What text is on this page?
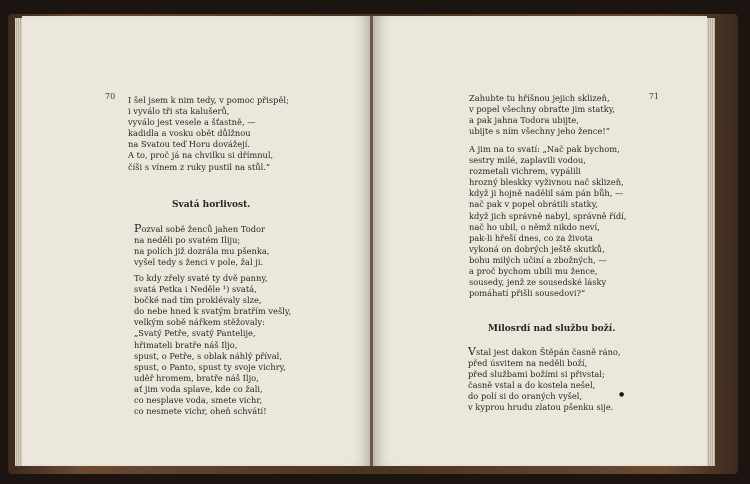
70 I šel jsem k nim tedy, v pomoc přispěl;
i vyválo tři sta kalušerů,
vyválo jest vesele a šťastně, —
kadidla a vosku obět důlžnou
na Svatou teď Horu dovážejí.
A to, proč já na chvilku si dřímnul,
číši s vínem z ruky pustil na stůl.“
Svatá horlivost.
Pozval sobě ženců jahen Todor
na neděli po svatém Iliju;
na polích již dozrála mu pšenka,
vyšel tedy s ženci v pole, žal ji.
To kdy zřely svaté ty dvě panny,
svatá Petka i Neděle ¹) svatá,
bočké nad tím proklévaly slze,
do nebe hned k svatým bratřím vešly,
velkým sobě nářkem stěžovaly:
„Svatý Petře, svatý Pantelije,
hřimateli bratře náš Iljo,
spust, o Petře, s oblak náhlý příval,
spust, o Panto, spust ty svoje vichry,
uděř hromem, bratře náš Iljo,
ať jim voda splave, kde co žali,
co nesplave voda, smete vichr,
co nesmete vichr, oheň schvátí!
71
Zahubte tu hříšnou jejich sklizeň,
v popel všechny obraťte jim statky,
a pak jahna Todora ubijte,
ubijte s ním všechny jeho žence!“
A jim na to svatí: „Nač pak bychom,
sestry milé, zaplavili vodou,
rozmetali vichrem, vypálili
hrozný bleskky vyživnou nač sklizeň,
když ji hojně nadělil sám pán bůh, —
nač pak v popel obrátili statky,
když jich správně nabyl, správně řídí,
nač ho ubil, o němž nikdo neví,
pak-li hřeší dnes, co za života
vykoná on dobrých ještě skutků,
bohu milých učiní a zbožných, —
a proč bychom ubili mu žence,
sousedy, jenž ze sousedské lásky
pomáhatí přišli sousedovi?“
Milosrdí nad službu boží.
Vstal jest dakon Štěpán časně ráno,
před úsvitem na neděli boží,
před službami božími si přivstal;
časně vstal a do kostela nešel,
do polí si do oraných vyšel,
v kyprou hrudu zlatou pšenku sije.
●
